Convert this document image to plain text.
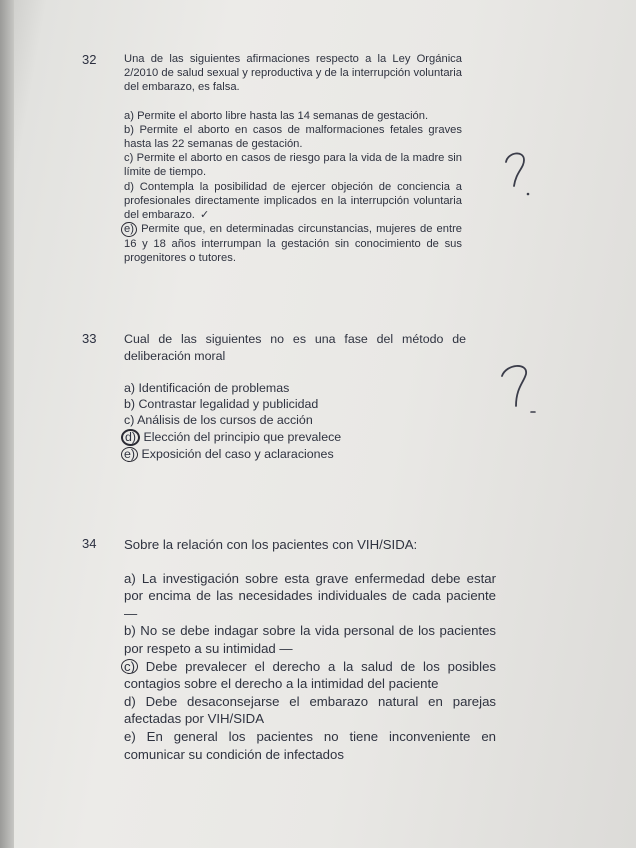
32 Una de las siguientes afirmaciones respecto a la Ley Orgánica 2/2010 de salud sexual y reproductiva y de la interrupción voluntaria del embarazo, es falsa.

a) Permite el aborto libre hasta las 14 semanas de gestación.

b) Permite el aborto en casos de malformaciones fetales graves hasta las 22 semanas de gestación.

c) Permite el aborto en casos de riesgo para la vida de la madre sin límite de tiempo.

d) Contempla la posibilidad de ejercer objeción de conciencia a profesionales directamente implicados en la interrupción voluntaria del embarazo. ✓

e) Permite que, en determinadas circunstancias, mujeres de entre 16 y 18 años interrumpan la gestación sin conocimiento de sus progenitores o tutores.

33 Cual de las siguientes no es una fase del método de deliberación moral

a) Identificación de problemas

b) Contrastar legalidad y publicidad

c) Análisis de los cursos de acción

d) Elección del principio que prevalece

e) Exposición del caso y aclaraciones

34 Sobre la relación con los pacientes con VIH/SIDA:

a) La investigación sobre esta grave enfermedad debe estar por encima de las necesidades individuales de cada paciente —

b) No se debe indagar sobre la vida personal de los pacientes por respeto a su intimidad —

c) Debe prevalecer el derecho a la salud de los posibles contagios sobre el derecho a la intimidad del paciente

d) Debe desaconsejarse el embarazo natural en parejas afectadas por VIH/SIDA

e) En general los pacientes no tiene inconveniente en comunicar su condición de infectados
